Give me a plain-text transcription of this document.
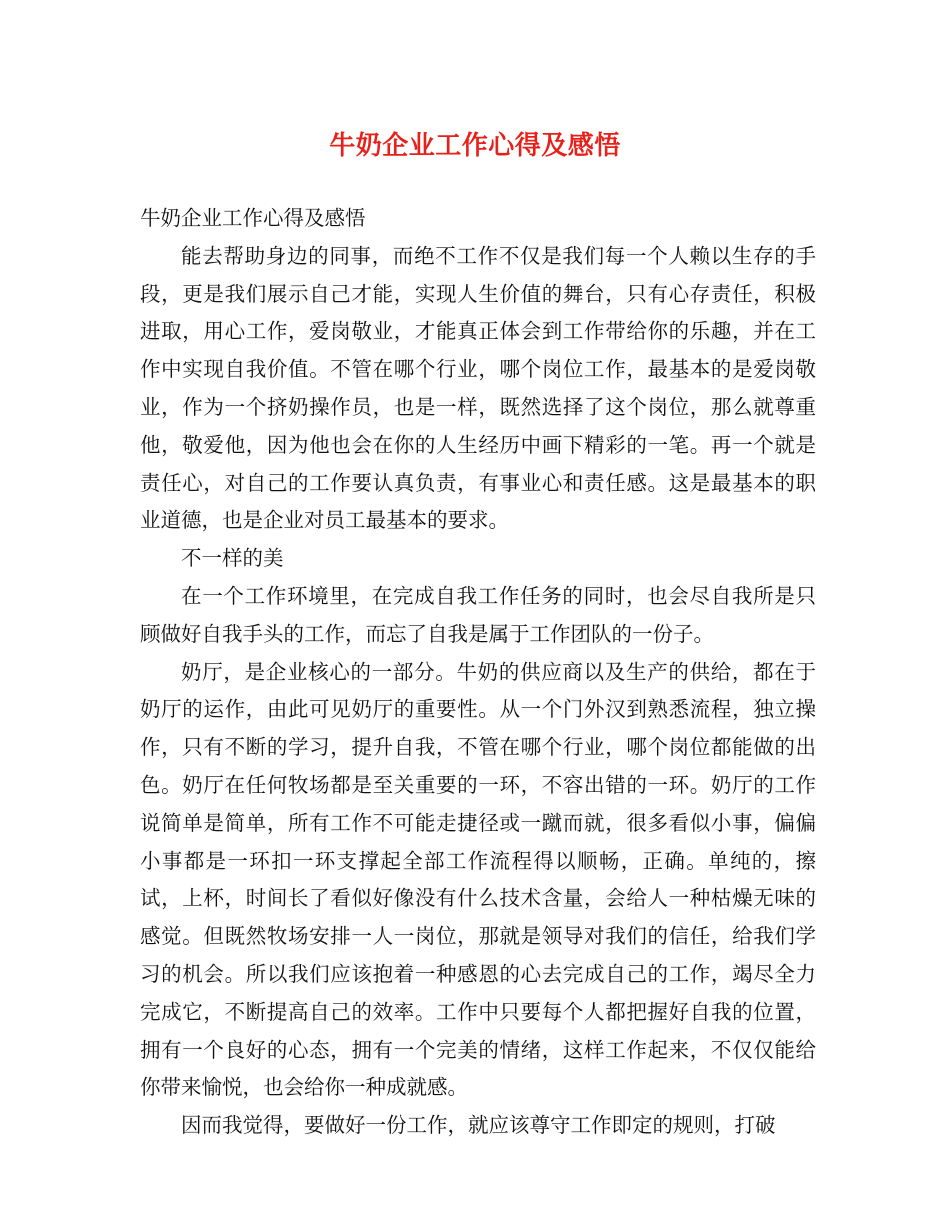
牛奶企业工作心得及感悟

牛奶企业工作心得及感悟

能去帮助身边的同事，而绝不工作不仅是我们每一个人赖以生存的手段，更是我们展示自己才能，实现人生价值的舞台，只有心存责任，积极进取，用心工作，爱岗敬业，才能真正体会到工作带给你的乐趣，并在工作中实现自我价值。不管在哪个行业，哪个岗位工作，最基本的是爱岗敬业，作为一个挤奶操作员，也是一样，既然选择了这个岗位，那么就尊重他，敬爱他，因为他也会在你的人生经历中画下精彩的一笔。再一个就是责任心，对自己的工作要认真负责，有事业心和责任感。这是最基本的职业道德，也是企业对员工最基本的要求。

不一样的美

在一个工作环境里，在完成自我工作任务的同时，也会尽自我所是只顾做好自我手头的工作，而忘了自我是属于工作团队的一份子。

奶厅，是企业核心的一部分。牛奶的供应商以及生产的供给，都在于奶厅的运作，由此可见奶厅的重要性。从一个门外汉到熟悉流程，独立操作，只有不断的学习，提升自我，不管在哪个行业，哪个岗位都能做的出色。奶厅在任何牧场都是至关重要的一环，不容出错的一环。奶厅的工作说简单是简单，所有工作不可能走捷径或一蹴而就，很多看似小事，偏偏小事都是一环扣一环支撑起全部工作流程得以顺畅，正确。单纯的，擦试，上杯，时间长了看似好像没有什么技术含量，会给人一种枯燥无味的感觉。但既然牧场安排一人一岗位，那就是领导对我们的信任，给我们学习的机会。所以我们应该抱着一种感恩的心去完成自己的工作，竭尽全力完成它，不断提高自己的效率。工作中只要每个人都把握好自我的位置，拥有一个良好的心态，拥有一个完美的情绪，这样工作起来，不仅仅能给你带来愉悦，也会给你一种成就感。

因而我觉得，要做好一份工作，就应该尊守工作即定的规则，打破
